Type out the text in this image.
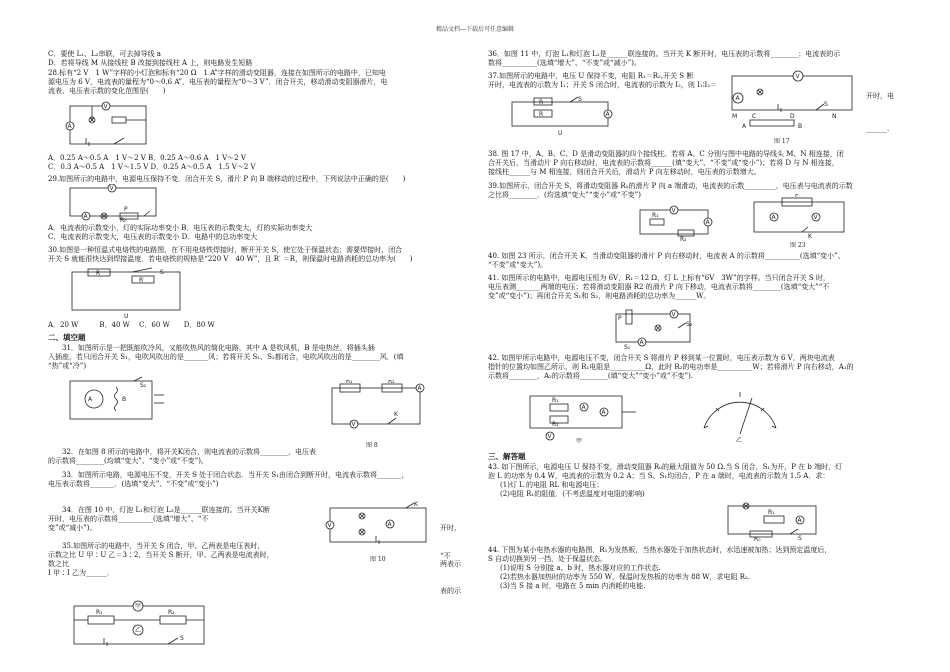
精品文档---下载后可任意编辑
C．要使 L₁、L₂串联，可去掉导线 a
D．若将导线 M 从接线柱 B 改接到接线柱 A 上，则电路发生短路
28.标有“2 V　1 W”字样的小灯泡和标有“20 Ω　1 A”字样的滑动变阻器，连接在如图所示的电路中，已知电
源电压为 6 V，电流表的量程为“0～0.6 A”，电压表的量程为“0～3 V”．闭合开关，移动滑动变阻器滑片，电
流表、电压表示数的变化范围是(　　)
A
V
A．0.25 A～0.5 A　1 V～2 V B．0.25 A～0.6 A　1 V～2 V
C．0.3 A～0.5 A　1 V～1.5 V D．0.25 A～0.5 A　1.5 V～2 V
29.如图所示的电路中，电源电压保持不变．闭合开关 S，滑片 P 向 B 端移动的过程中，下列说法中正确的是(　　)
V
A
P
R₀
A．电流表的示数变小，灯的实际功率变小 B．电压表的示数变大，灯的实际功率变大
C．电流表的示数变大，电压表的示数变小 D．电路中的总功率变大
30.如图是一种恒温式电烙铁的电路图，在不用电烙铁焊接时，断开开关 S，使它处于保温状态；需要焊接时，闭合
开关 S 就能很快达到焊接温度．若电烙铁的规格是“220 V　40 W”，且 R′ ＝R，则保温时电路消耗的总功率为(　　)
R
R′
S
U
A．20 W　　　B．40 W　 C．60 W　　D．80 W
二、填空题
　　31．如图所示是一把既能吹冷风，又能吹热风的简化电路，其中 A 是吹风机，B 是电热丝．将插头插
入插座，若只闭合开关 S₁，电吹风吹出的是_______风；若将开关 S₁、S₂都闭合，电吹风吹出的是________风．(填
“热”或“冷”)
A	B
S₂
R₁	R₂
A
V
K
图 8
　　32．在如图 8 所示的电路中，将开关K闭合，则电流表的示数将________，电压表
的示数将________(均填“变大”、“变小”或“不变”)。
　　33．如图所示电路，电源电压不变，开关 S 处于闭合状态．当开关 S₁由闭合到断开时，电流表示数将_______，
电压表示数将_______．(选填“变大”、“不变”或“变小”)
　　34．在图 10 中，灯泡 L₁和灯泡 L₂是______联连接的。当开关K断
开时，电压表的示数将__________(选填“增大”、“不
变”或“减小”)。

	开时，

“不

V	A
K
图 10
　　35.如图所示的电路中，当开关 S 闭合，甲、乙两表是电压表时，
示数之比 U 甲∶U 乙＝3∶2，当开关 S 断开，甲、乙两表是电流表时，
数之比
I 甲∶I 乙为______．

两表示

表的示

甲
R₁	R₂
乙
S
36．如图 11 中，灯泡 L₁和灯泡 L₂是______联连接的。当开关 K 断开时，电压表的示数将________；电流表的示
数将__________(选填“增大”、“不变”或“减小”)。
37.如图所示的电路中，电压 U 保持不变，电阻 R₁＝R₂,开关 S 断
开时，电流表的示数为 I₁；开关 S 闭合时，电流表的示数为 I₂，则 I₁∶I₂＝

开时，电

______.

R
R
S
A
U
V
A
S
A	B
C	D
M	N
图 17
38. 图 17 中，A、B、C、D 是滑动变阻器的四个接线柱。若将 A、C 分别与图中电路的导线头 M、N 相连接，闭
合开关后，当滑动片 P 向右移动时，电流表的示数将______(填“变大”、“不变”或“变小”)；若将 D 与 N 相连接，
接线柱______与 M 相连接，则闭合开关后，滑动片 P 向左移动时，电压表的示数增大。
39.如图所示，闭合开关 S，将滑动变阻器 R₂的滑片 P 向 a 端滑动，电流表的示数_________，电压表与电流表的示数
之比将________．(均选填“变大”“变小”或“不变”)
V
R₁
R₂
A
P
A	V
K
图 23
40. 如图 23 所示，闭合开关 K，当滑动变阻器的滑片 P 向右移动时，电流表 A 的示数将__________(选填“变小”、
“不变”或“变大”)。
41. 如图所示的电路中，电源电压恒为 6V，R₁＝12 Ω，灯 L 上标有“6V　3W”的字样。当只闭合开关 S 时，
电压表测_______两端的电压；若将滑动变阻器 R2 的滑片 P 向下移动，电流表示数将________(选填“变大”“不
变”或“变小”)；再闭合开关 S₁和 S₂，则电路消耗的总功率为______W。
P
V
A
S₂
S₁
42. 如图甲所示电路中，电源电压不变，闭合开关 S 将滑片 P 移到某一位置时，电压表示数为 6 V，两块电流表
指针的位置均如图乙所示，则 R₁电阻是__________Ω，此时 R₂的电功率是__________W；若将滑片 P 向右移动，A₁的
示数将________，A₂的示数将________(填“变大”“变小”或“不变”).
R₁
R₂
A
A
V
甲	乙
三、解答题
43. 如下图所示，电源电压 U 保持不变，滑动变阻器 R₀的最大阻值为 50 Ω.当 S 闭合，S₁为开，P 在 b 端时，灯
泡 L 的功率为 0.4 W，电流表的示数为 0.2 A；当 S、S₁均闭合，P 在 a 端时，电流表的示数为 1.5 A．求：
(1)灯 L 的电阻 RL 和电源电压；
(2)电阻 R₁的阻值．(不考虑温度对电阻的影响)
R₁
A
R₀	S
44. 下图为某小电热水器的电路图，R₁为发热板，当热水器处于加热状态时，水迅速被加热；达到预定温度后，
S 自动切换到另一挡，处于保温状态。
(1)说明 S 分别接 a、b 时，热水器对应的工作状态.
(2)若热水器加热时的功率为 550 W，保温时发热板的功率为 88 W，求电阻 R₂.
(3)当 S 接 a 时，电路在 5 min 内消耗的电能.
